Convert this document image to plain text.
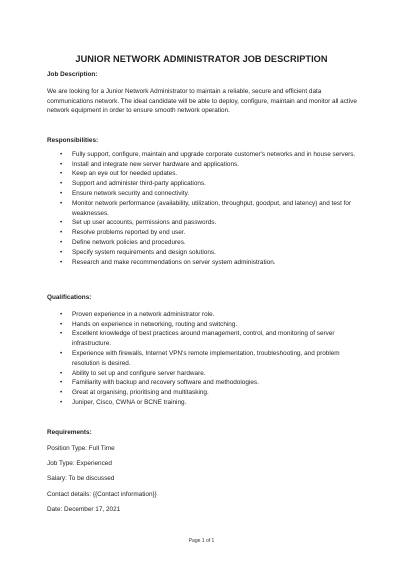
JUNIOR NETWORK ADMINISTRATOR JOB DESCRIPTION
Job Description:

We are looking for a Junior Network Administrator to maintain a reliable, secure and efficient data communications network. The ideal candidate will be able to deploy, configure, maintain and monitor all active network equipment in order to ensure smooth network operation.

Responsibilities:
• Fully support, configure, maintain and upgrade corporate customer's networks and in house servers.
• Install and integrate new server hardware and applications.
• Keep an eye out for needed updates.
• Support and administer third-party applications.
• Ensure network security and connectivity.
• Monitor network performance (availability, utilization, throughput, goodput, and latency) and test for weaknesses.
• Set up user accounts, permissions and passwords.
• Resolve problems reported by end user.
• Define network policies and procedures.
• Specify system requirements and design solutions.
• Research and make recommendations on server system administration.
Qualifications:
• Proven experience in a network administrator role.
• Hands on experience in networking, routing and switching.
• Excellent knowledge of best practices around management, control, and monitoring of server infrastructure.
• Experience with firewalls, Internet VPN's remote implementation, troubleshooting, and problem resolution is desired.
• Ability to set up and configure server hardware.
• Familiarity with backup and recovery software and methodologies.
• Great at organising, prioritising and multitasking.
• Juniper, Cisco, CWNA or BCNE training.
Requirements:
Position Type: Full Time
Job Type: Experienced
Salary: To be discussed
Contact details: {{Contact information}}
Date: December 17, 2021
Page 1 of 1
